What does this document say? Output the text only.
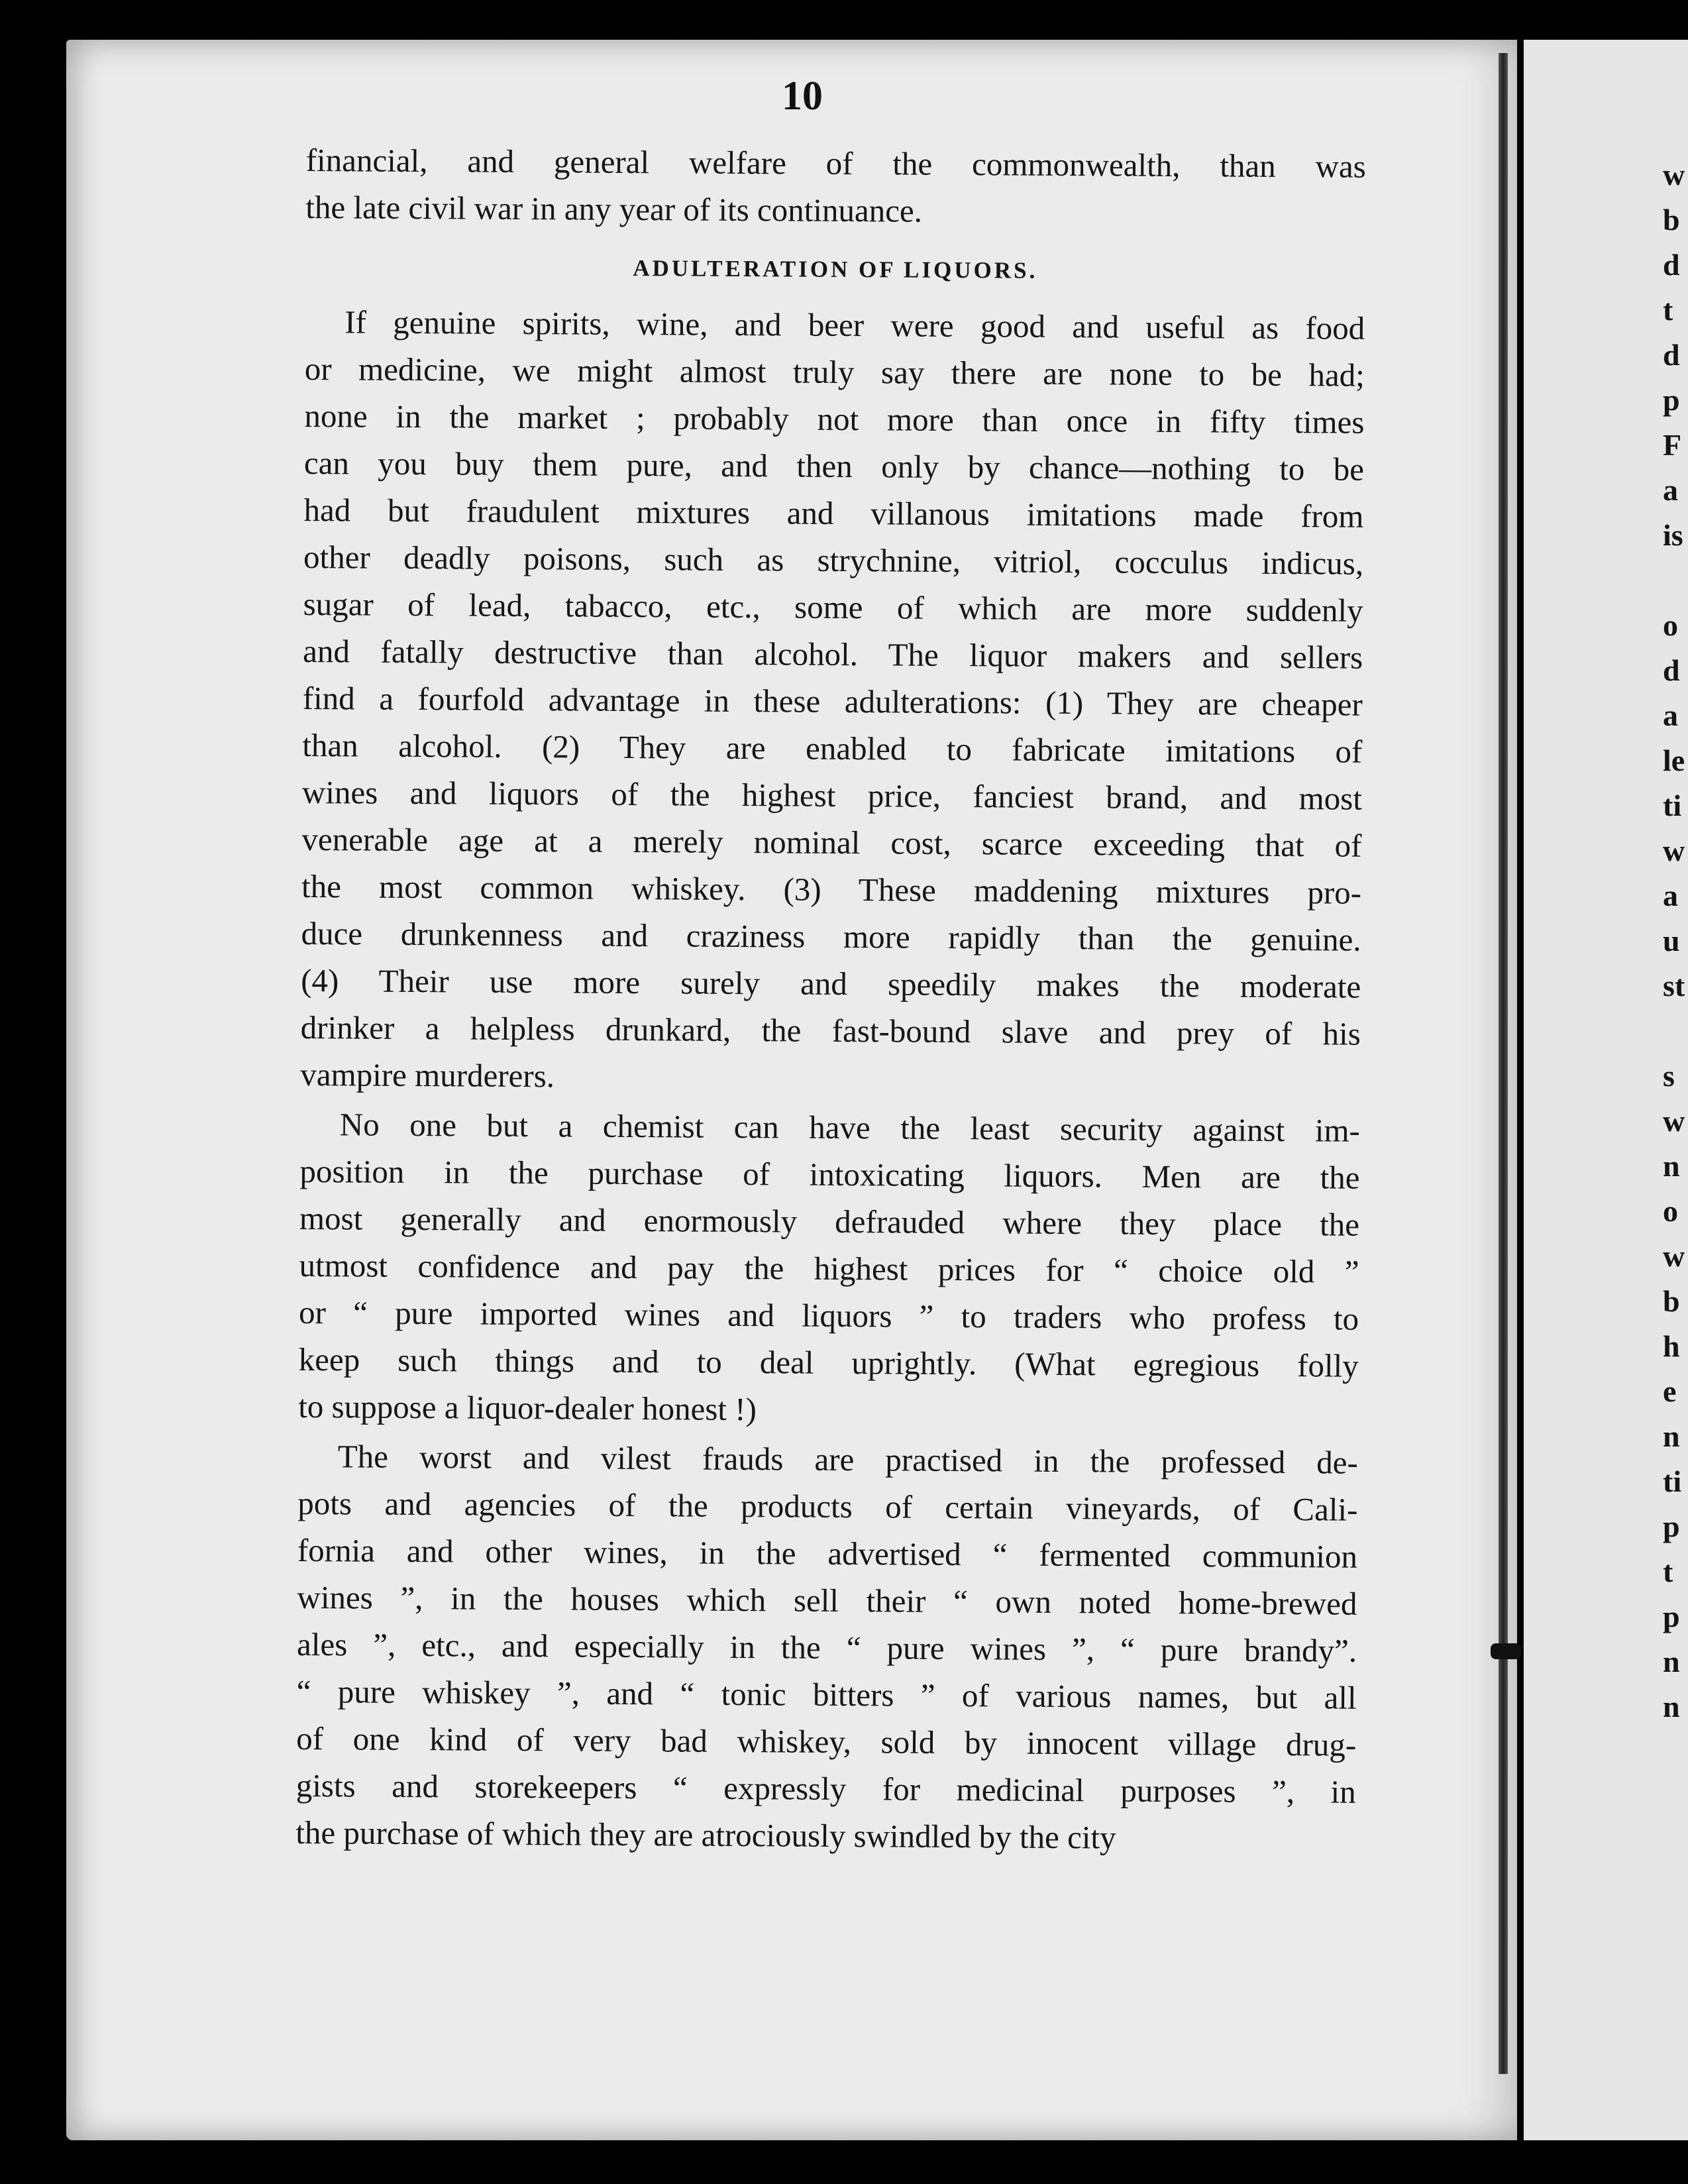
w
b
d
t
d
p
F
a
is
o
d
a
le
ti
w
a
u
st
s
w
n
o
w
b
h
e
n
ti
p
t
p
n
n
10
financial, and general welfare of the commonwealth, than was
the late civil war in any year of its continuance.
ADULTERATION OF LIQUORS.
If genuine spirits, wine, and beer were good and useful as food
or medicine, we might almost truly say there are none to be had;
none in the market ; probably not more than once in fifty times
can you buy them pure, and then only by chance—nothing to be
had but fraudulent mixtures and villanous imitations made from
other deadly poisons, such as strychnine, vitriol, cocculus indicus,
sugar of lead, tabacco, etc., some of which are more suddenly
and fatally destructive than alcohol. The liquor makers and sellers
find a fourfold advantage in these adulterations: (1) They are cheaper
than alcohol. (2) They are enabled to fabricate imitations of
wines and liquors of the highest price, fanciest brand, and most
venerable age at a merely nominal cost, scarce exceeding that of
the most common whiskey. (3) These maddening mixtures pro-
duce drunkenness and craziness more rapidly than the genuine.
(4) Their use more surely and speedily makes the moderate
drinker a helpless drunkard, the fast-bound slave and prey of his
vampire murderers.
No one but a chemist can have the least security against im-
position in the purchase of intoxicating liquors. Men are the
most generally and enormously defrauded where they place the
utmost confidence and pay the highest prices for “ choice old ”
or “ pure imported wines and liquors ” to traders who profess to
keep such things and to deal uprightly. (What egregious folly
to suppose a liquor-dealer honest !)
The worst and vilest frauds are practised in the professed de-
pots and agencies of the products of certain vineyards, of Cali-
fornia and other wines, in the advertised “ fermented communion
wines ”, in the houses which sell their “ own noted home-brewed
ales ”, etc., and especially in the “ pure wines ”, “ pure brandy”.
“ pure whiskey ”, and “ tonic bitters ” of various names, but all
of one kind of very bad whiskey, sold by innocent village drug-
gists and storekeepers “ expressly for medicinal purposes ”, in
the purchase of which they are atrociously swindled by the city
